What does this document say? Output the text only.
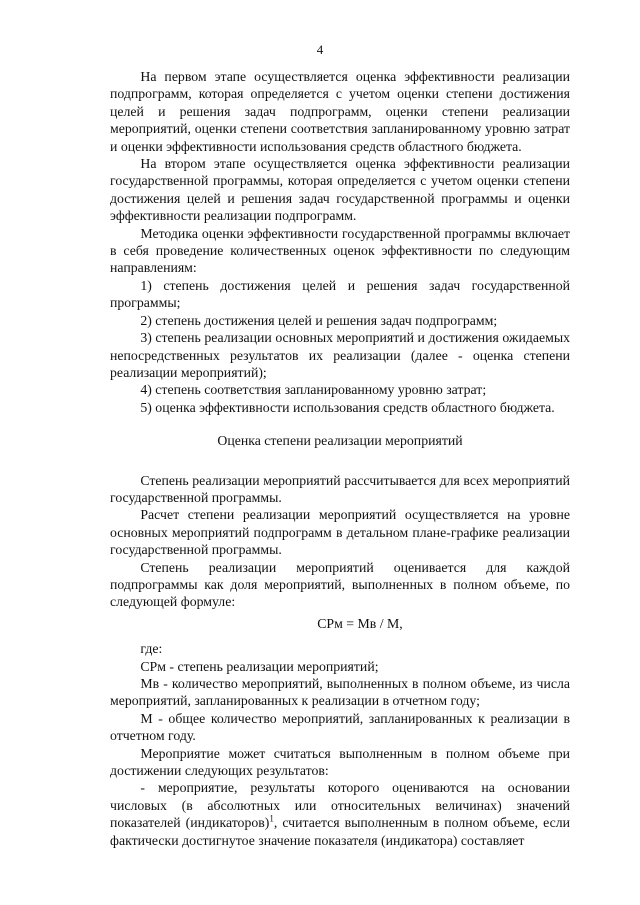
4

На первом этапе осуществляется оценка эффективности реализации подпрограмм, которая определяется с учетом оценки степени достижения целей и решения задач подпрограмм, оценки степени реализации мероприятий, оценки степени соответствия запланированному уровню затрат и оценки эффективности использования средств областного бюджета.

На втором этапе осуществляется оценка эффективности реализации государственной программы, которая определяется с учетом оценки степени достижения целей и решения задач государственной программы и оценки эффективности реализации подпрограмм.

Методика оценки эффективности государственной программы включает в себя проведение количественных оценок эффективности по следующим направлениям:

1) степень достижения целей и решения задач государственной программы;

2) степень достижения целей и решения задач подпрограмм;

3) степень реализации основных мероприятий и достижения ожидаемых непосредственных результатов их реализации (далее - оценка степени реализации мероприятий);

4) степень соответствия запланированному уровню затрат;

5) оценка эффективности использования средств областного бюджета.

Оценка степени реализации мероприятий

Степень реализации мероприятий рассчитывается для всех мероприятий государственной программы.

Расчет степени реализации мероприятий осуществляется на уровне основных мероприятий подпрограмм в детальном плане-графике реализации государственной программы.

Степень реализации мероприятий оценивается для каждой подпрограммы как доля мероприятий, выполненных в полном объеме, по следующей формуле:

СРм = Мв / М,

где:

СРм - степень реализации мероприятий;

Мв - количество мероприятий, выполненных в полном объеме, из числа мероприятий, запланированных к реализации в отчетном году;

М - общее количество мероприятий, запланированных к реализации в отчетном году.

Мероприятие может считаться выполненным в полном объеме при достижении следующих результатов:

- мероприятие, результаты которого оцениваются на основании числовых (в абсолютных или относительных величинах) значений показателей (индикаторов)$^1$, считается выполненным в полном объеме, если фактически достигнутое значение показателя (индикатора) составляет
